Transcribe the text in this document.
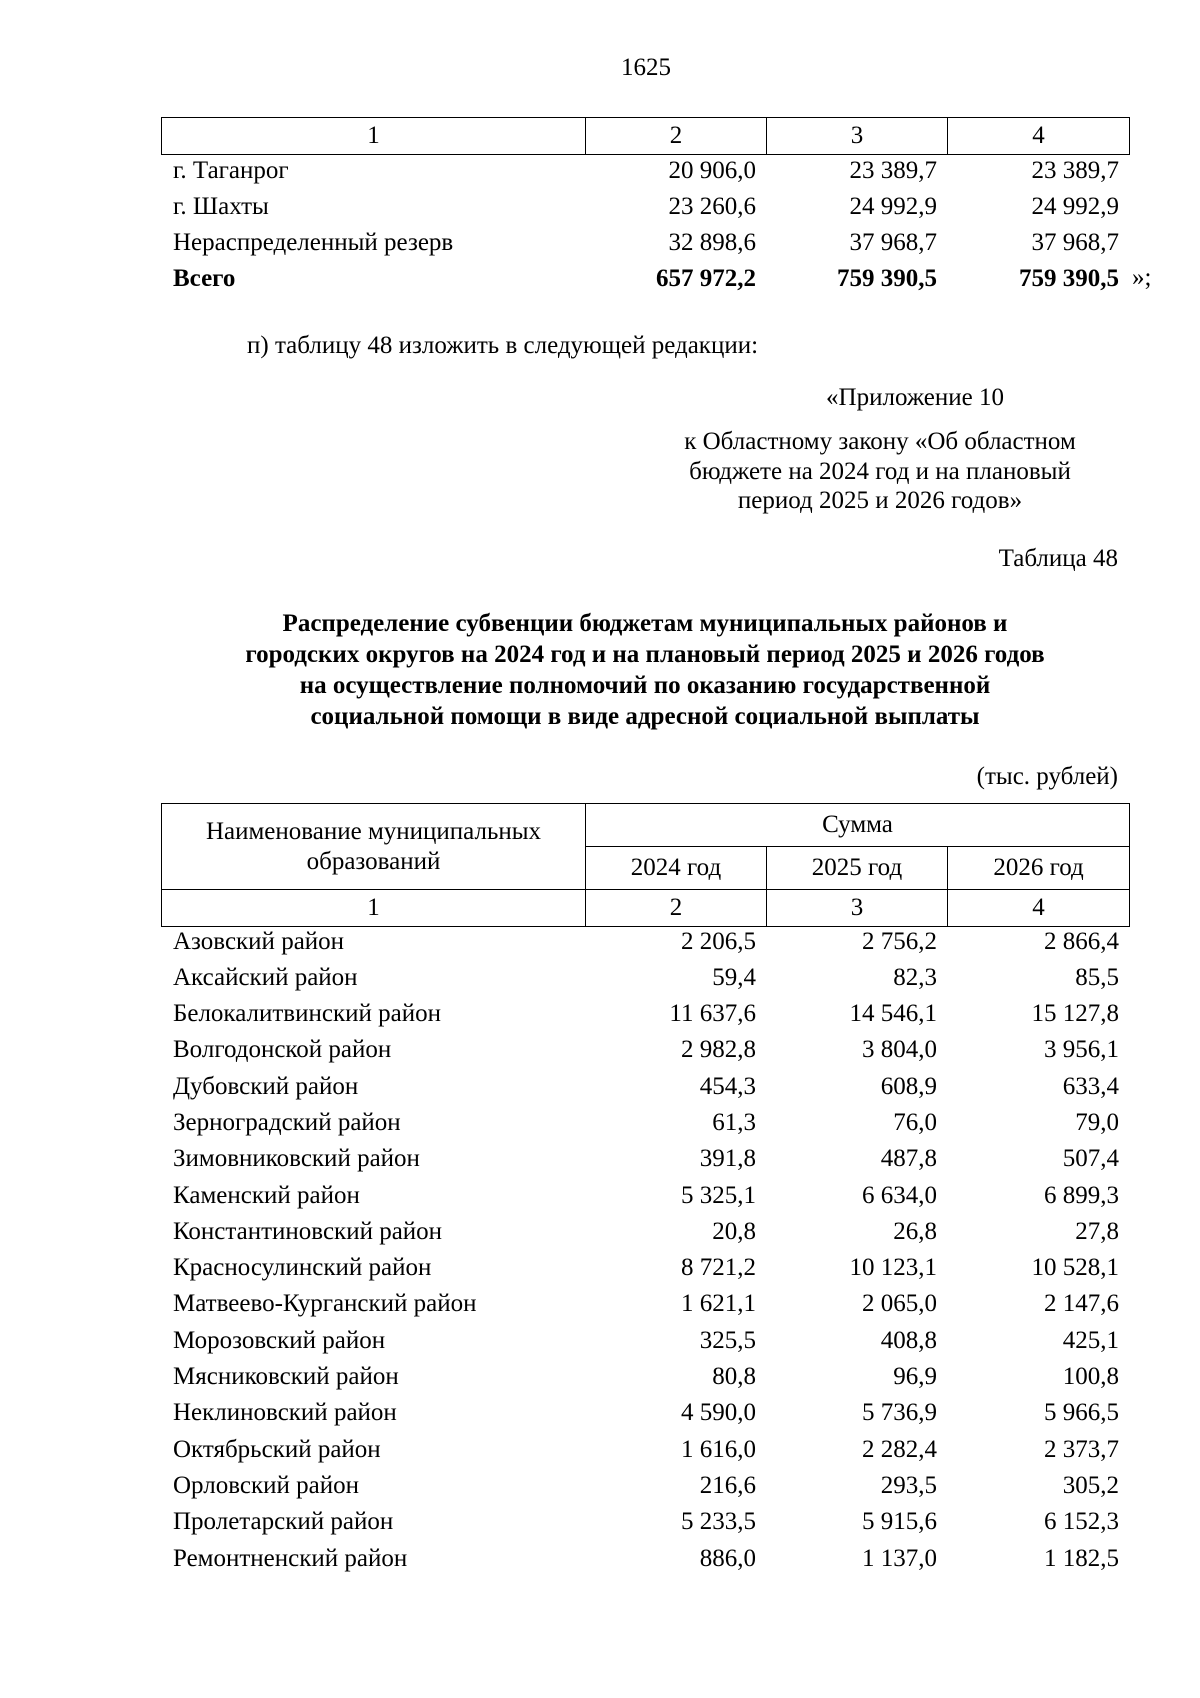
1625
1	2	3	4
г. Таганрог	20 906,0	23 389,7	23 389,7
г. Шахты	23 260,6	24 992,9	24 992,9
Нераспределенный резерв	32 898,6	37 968,7	37 968,7
Всего	657 972,2	759 390,5	759 390,5 »;
п) таблицу 48 изложить в следующей редакции:
«Приложение 10
к Областному закону «Об областном
бюджете на 2024 год и на плановый
период 2025 и 2026 годов»
Таблица 48
Распределение субвенции бюджетам муниципальных районов и
городских округов на 2024 год и на плановый период 2025 и 2026 годов
на осуществление полномочий по оказанию государственной
социальной помощи в виде адресной социальной выплаты
(тыс. рублей)
Наименование муниципальных
образований	Сумма		
	2024 год	2025 год	2026 год
1	2	3	4
Азовский район	2 206,5	2 756,2	2 866,4
Аксайский район	59,4	82,3	85,5
Белокалитвинский район	11 637,6	14 546,1	15 127,8
Волгодонской район	2 982,8	3 804,0	3 956,1
Дубовский район	454,3	608,9	633,4
Зерноградский район	61,3	76,0	79,0
Зимовниковский район	391,8	487,8	507,4
Каменский район	5 325,1	6 634,0	6 899,3
Константиновский район	20,8	26,8	27,8
Красносулинский район	8 721,2	10 123,1	10 528,1
Матвеево-Курганский район	1 621,1	2 065,0	2 147,6
Морозовский район	325,5	408,8	425,1
Мясниковский район	80,8	96,9	100,8
Неклиновский район	4 590,0	5 736,9	5 966,5
Октябрьский район	1 616,0	2 282,4	2 373,7
Орловский район	216,6	293,5	305,2
Пролетарский район	5 233,5	5 915,6	6 152,3
Ремонтненский район	886,0	1 137,0	1 182,5
